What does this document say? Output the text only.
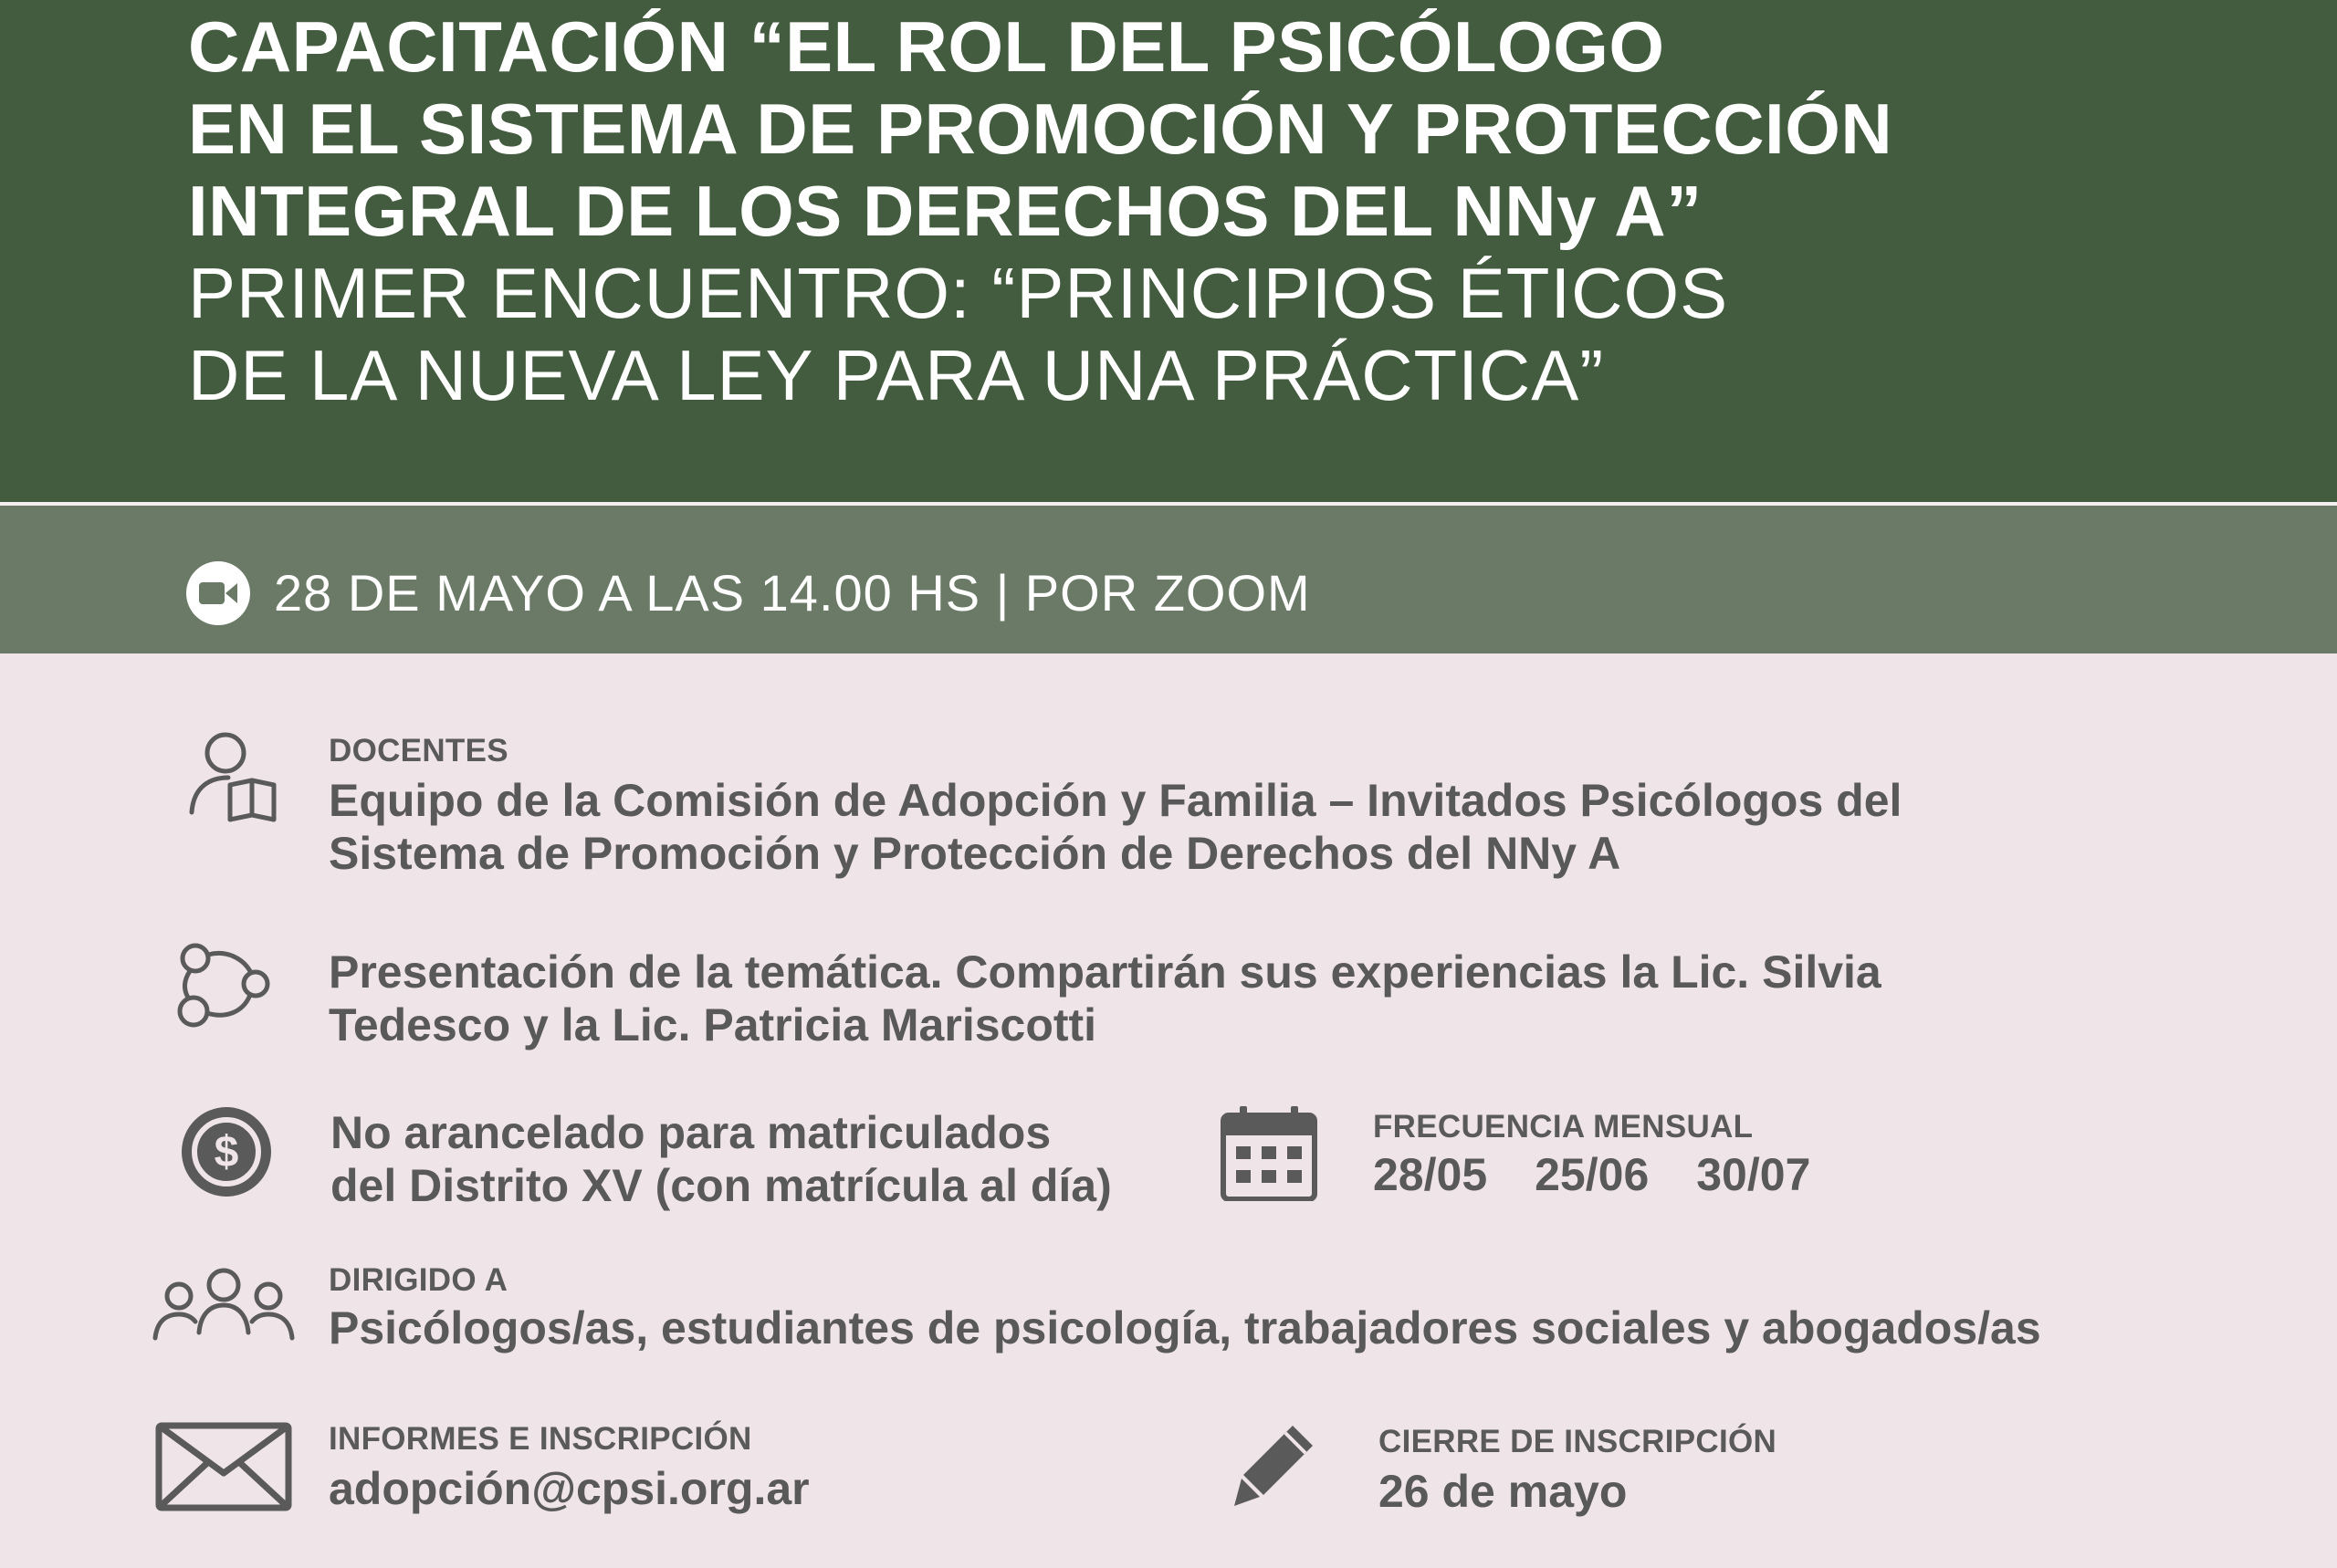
CAPACITACIÓN “EL ROL DEL PSICÓLOGO
EN EL SISTEMA DE PROMOCIÓN Y PROTECCIÓN
INTEGRAL DE LOS DERECHOS DEL NNy A”
PRIMER ENCUENTRO: “PRINCIPIOS ÉTICOS
DE LA NUEVA LEY PARA UNA PRÁCTICA”
28 DE MAYO A LAS 14.00 HS | POR ZOOM
DOCENTES
Equipo de la Comisión de Adopción y Familia – Invitados Psicólogos del
Sistema de Promoción y Protección de Derechos del NNy A
Presentación de la temática. Compartirán sus experiencias la Lic. Silvia
Tedesco y la Lic. Patricia Mariscotti
$ No arancelado para matriculados
del Distrito XV (con matrícula al día)
FRECUENCIA MENSUAL
28/05 25/06 30/07
DIRIGIDO A
Psicólogos/as, estudiantes de psicología, trabajadores sociales y abogados/as
INFORMES E INSCRIPCIÓN
adopción@cpsi.org.ar
CIERRE DE INSCRIPCIÓN
26 de mayo
